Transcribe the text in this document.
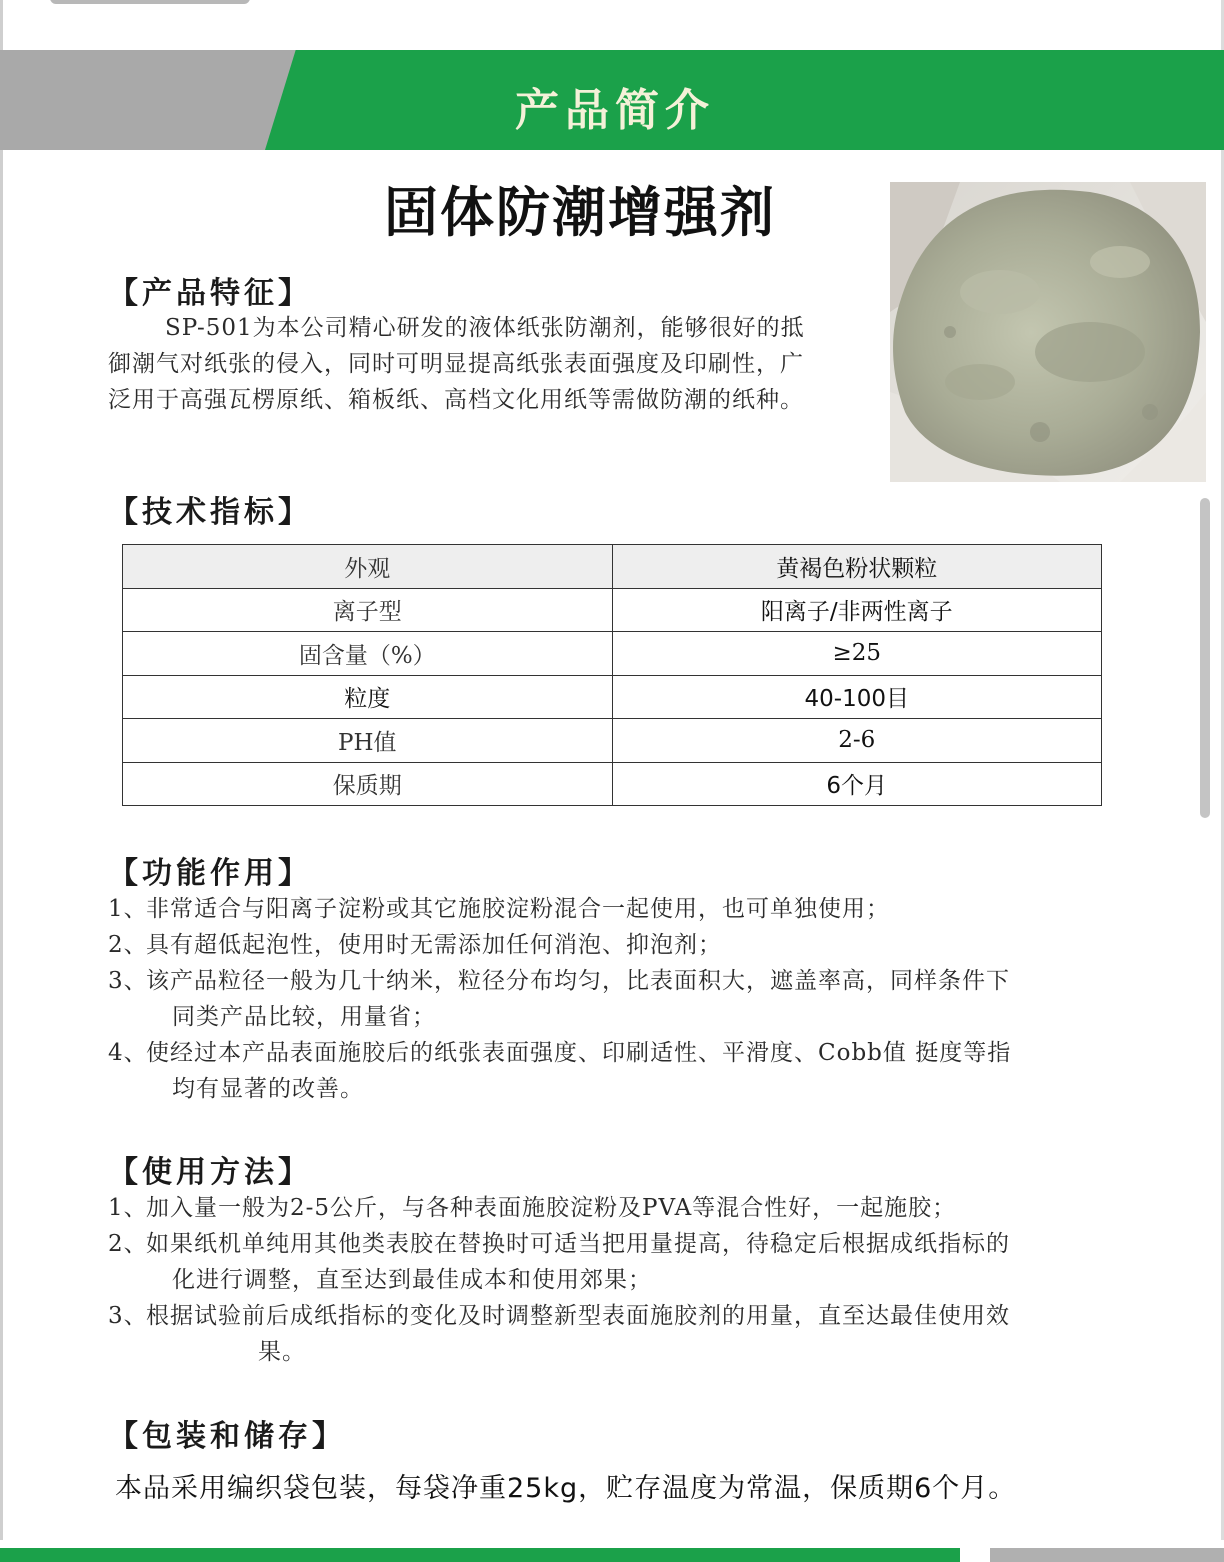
产品简介
固体防潮增强剂
【产品特征】
SP-501为本公司精心研发的液体纸张防潮剂，能够很好的抵
御潮气对纸张的侵入，同时可明显提高纸张表面强度及印刷性，广
泛用于高强瓦楞原纸、箱板纸、高档文化用纸等需做防潮的纸种。
【技术指标】
外观	黄褐色粉状颗粒
离子型	阳离子/非两性离子
固含量（%）	≥25
粒度	40-100目
PH值	2-6
保质期	6个月
【功能作用】
1、非常适合与阳离子淀粉或其它施胶淀粉混合一起使用，也可单独使用；
2、具有超低起泡性，使用时无需添加任何消泡、抑泡剂；
3、该产品粒径一般为几十纳米，粒径分布均匀，比表面积大，遮盖率高，同样条件下
同类产品比较，用量省；
4、使经过本产品表面施胶后的纸张表面强度、印刷适性、平滑度、Cobb值 挺度等指
均有显著的改善。
【使用方法】
1、加入量一般为2-5公斤，与各种表面施胶淀粉及PVA等混合性好，一起施胶；
2、如果纸机单纯用其他类表胶在替换时可适当把用量提高，待稳定后根据成纸指标的
化进行调整，直至达到最佳成本和使用郊果；
3、根据试验前后成纸指标的变化及时调整新型表面施胶剂的用量，直至达最佳使用效
果。
【包装和储存】
本品采用编织袋包装，每袋净重25kg，贮存温度为常温，保质期6个月。
